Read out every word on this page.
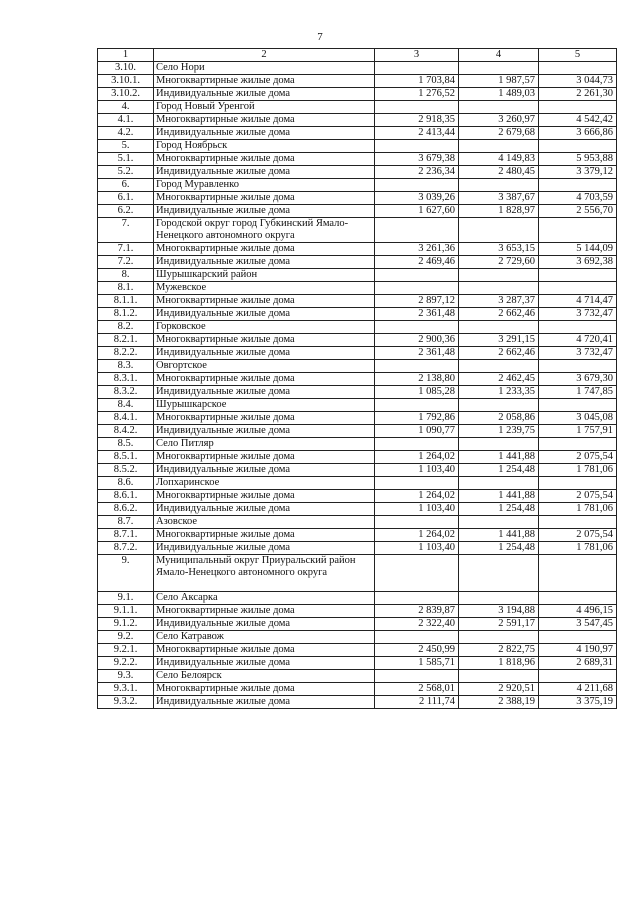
7
1	2	3	4	5
3.10.	Село Нори			
3.10.1.	Многоквартирные жилые дома	1 703,84	1 987,57	3 044,73
3.10.2.	Индивидуальные жилые дома	1 276,52	1 489,03	2 261,30
4.	Город Новый Уренгой			
4.1.	Многоквартирные жилые дома	2 918,35	3 260,97	4 542,42
4.2.	Индивидуальные жилые дома	2 413,44	2 679,68	3 666,86
5.	Город Ноябрьск			
5.1.	Многоквартирные жилые дома	3 679,38	4 149,83	5 953,88
5.2.	Индивидуальные жилые дома	2 236,34	2 480,45	3 379,12
6.	Город Муравленко			
6.1.	Многоквартирные жилые дома	3 039,26	3 387,67	4 703,59
6.2.	Индивидуальные жилые дома	1 627,60	1 828,97	2 556,70
7.	Городской округ город Губкинский Ямало-Ненецкого автономного округа			
7.1.	Многоквартирные жилые дома	3 261,36	3 653,15	5 144,09
7.2.	Индивидуальные жилые дома	2 469,46	2 729,60	3 692,38
8.	Шурышкарский район			
8.1.	Мужевское			
8.1.1.	Многоквартирные жилые дома	2 897,12	3 287,37	4 714,47
8.1.2.	Индивидуальные жилые дома	2 361,48	2 662,46	3 732,47
8.2.	Горковское			
8.2.1.	Многоквартирные жилые дома	2 900,36	3 291,15	4 720,41
8.2.2.	Индивидуальные жилые дома	2 361,48	2 662,46	3 732,47
8.3.	Овгортское			
8.3.1.	Многоквартирные жилые дома	2 138,80	2 462,45	3 679,30
8.3.2.	Индивидуальные жилые дома	1 085,28	1 233,35	1 747,85
8.4.	Шурышкарское			
8.4.1.	Многоквартирные жилые дома	1 792,86	2 058,86	3 045,08
8.4.2.	Индивидуальные жилые дома	1 090,77	1 239,75	1 757,91
8.5.	Село Питляр			
8.5.1.	Многоквартирные жилые дома	1 264,02	1 441,88	2 075,54
8.5.2.	Индивидуальные жилые дома	1 103,40	1 254,48	1 781,06
8.6.	Лопхаринское			
8.6.1.	Многоквартирные жилые дома	1 264,02	1 441,88	2 075,54
8.6.2.	Индивидуальные жилые дома	1 103,40	1 254,48	1 781,06
8.7.	Азовское			
8.7.1.	Многоквартирные жилые дома	1 264,02	1 441,88	2 075,54
8.7.2.	Индивидуальные жилые дома	1 103,40	1 254,48	1 781,06
9.	Муниципальный округ Приуральский район Ямало-Ненецкого автономного округа			
9.1.	Село Аксарка			
9.1.1.	Многоквартирные жилые дома	2 839,87	3 194,88	4 496,15
9.1.2.	Индивидуальные жилые дома	2 322,40	2 591,17	3 547,45
9.2.	Село Катравож			
9.2.1.	Многоквартирные жилые дома	2 450,99	2 822,75	4 190,97
9.2.2.	Индивидуальные жилые дома	1 585,71	1 818,96	2 689,31
9.3.	Село Белоярск			
9.3.1.	Многоквартирные жилые дома	2 568,01	2 920,51	4 211,68
9.3.2.	Индивидуальные жилые дома	2 111,74	2 388,19	3 375,19
